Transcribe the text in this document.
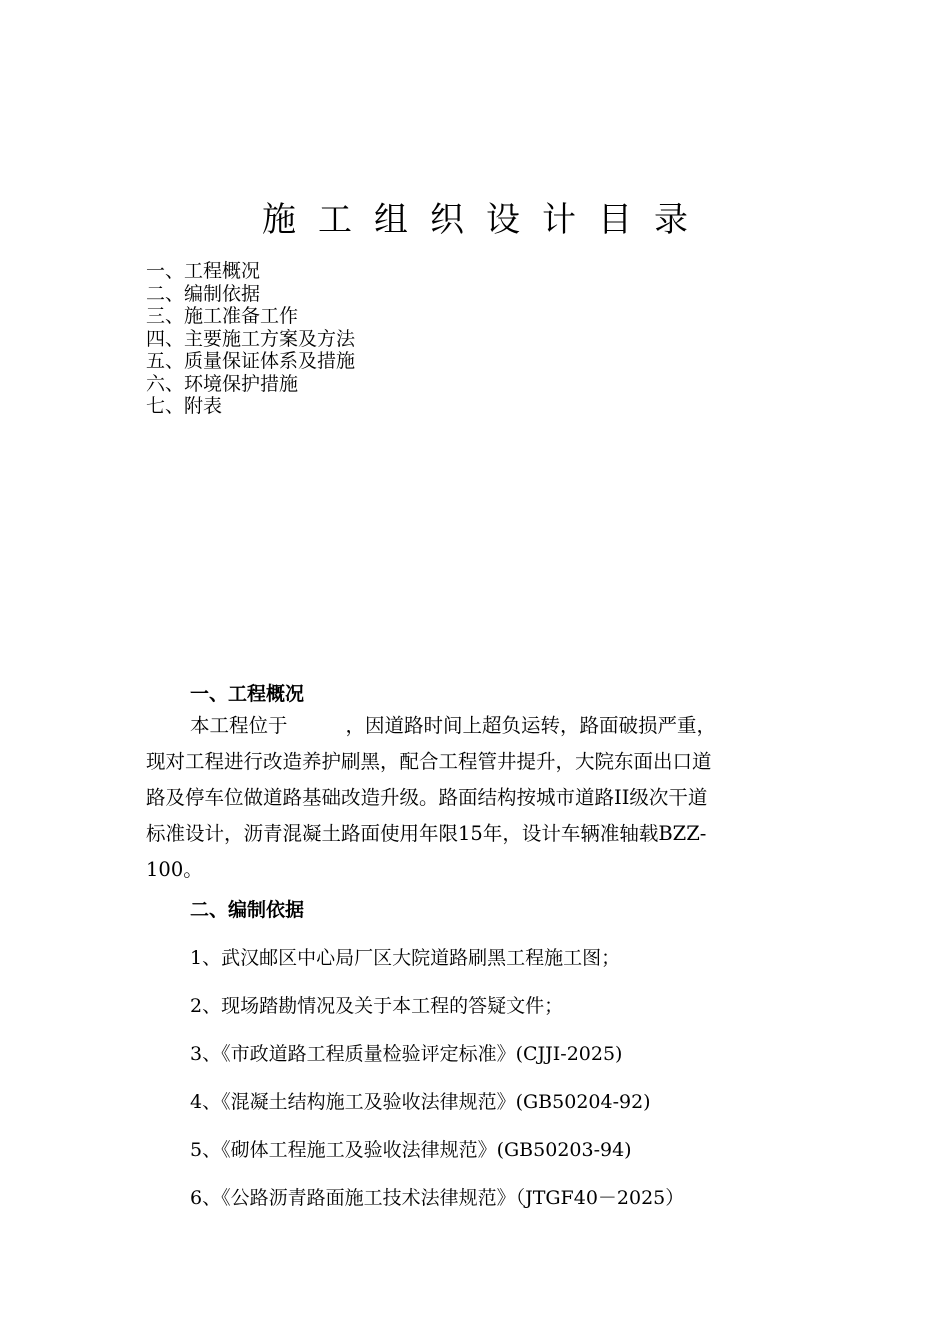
施工组织设计目录
一、工程概况
二、编制依据
三、施工准备工作
四、主要施工方案及方法
五、质量保证体系及措施
六、环境保护措施
七、附表
一、工程概况

本工程位于	，因道路时间上超负运转，路面破损严重，
现对工程进行改造养护刷黑，配合工程管井提升，大院东面出口道
路及停车位做道路基础改造升级。路面结构按城市道路II级次干道
标准设计，沥青混凝土路面使用年限15年，设计车辆准轴载BZZ-
100。

二、编制依据
1、武汉邮区中心局厂区大院道路刷黑工程施工图；
2、现场踏勘情况及关于本工程的答疑文件；
3、《市政道路工程质量检验评定标准》(CJJI-2025)
4、《混凝土结构施工及验收法律规范》(GB50204-92)
5、《砌体工程施工及验收法律规范》(GB50203-94)
6、《公路沥青路面施工技术法律规范》（JTGF40－2025）
